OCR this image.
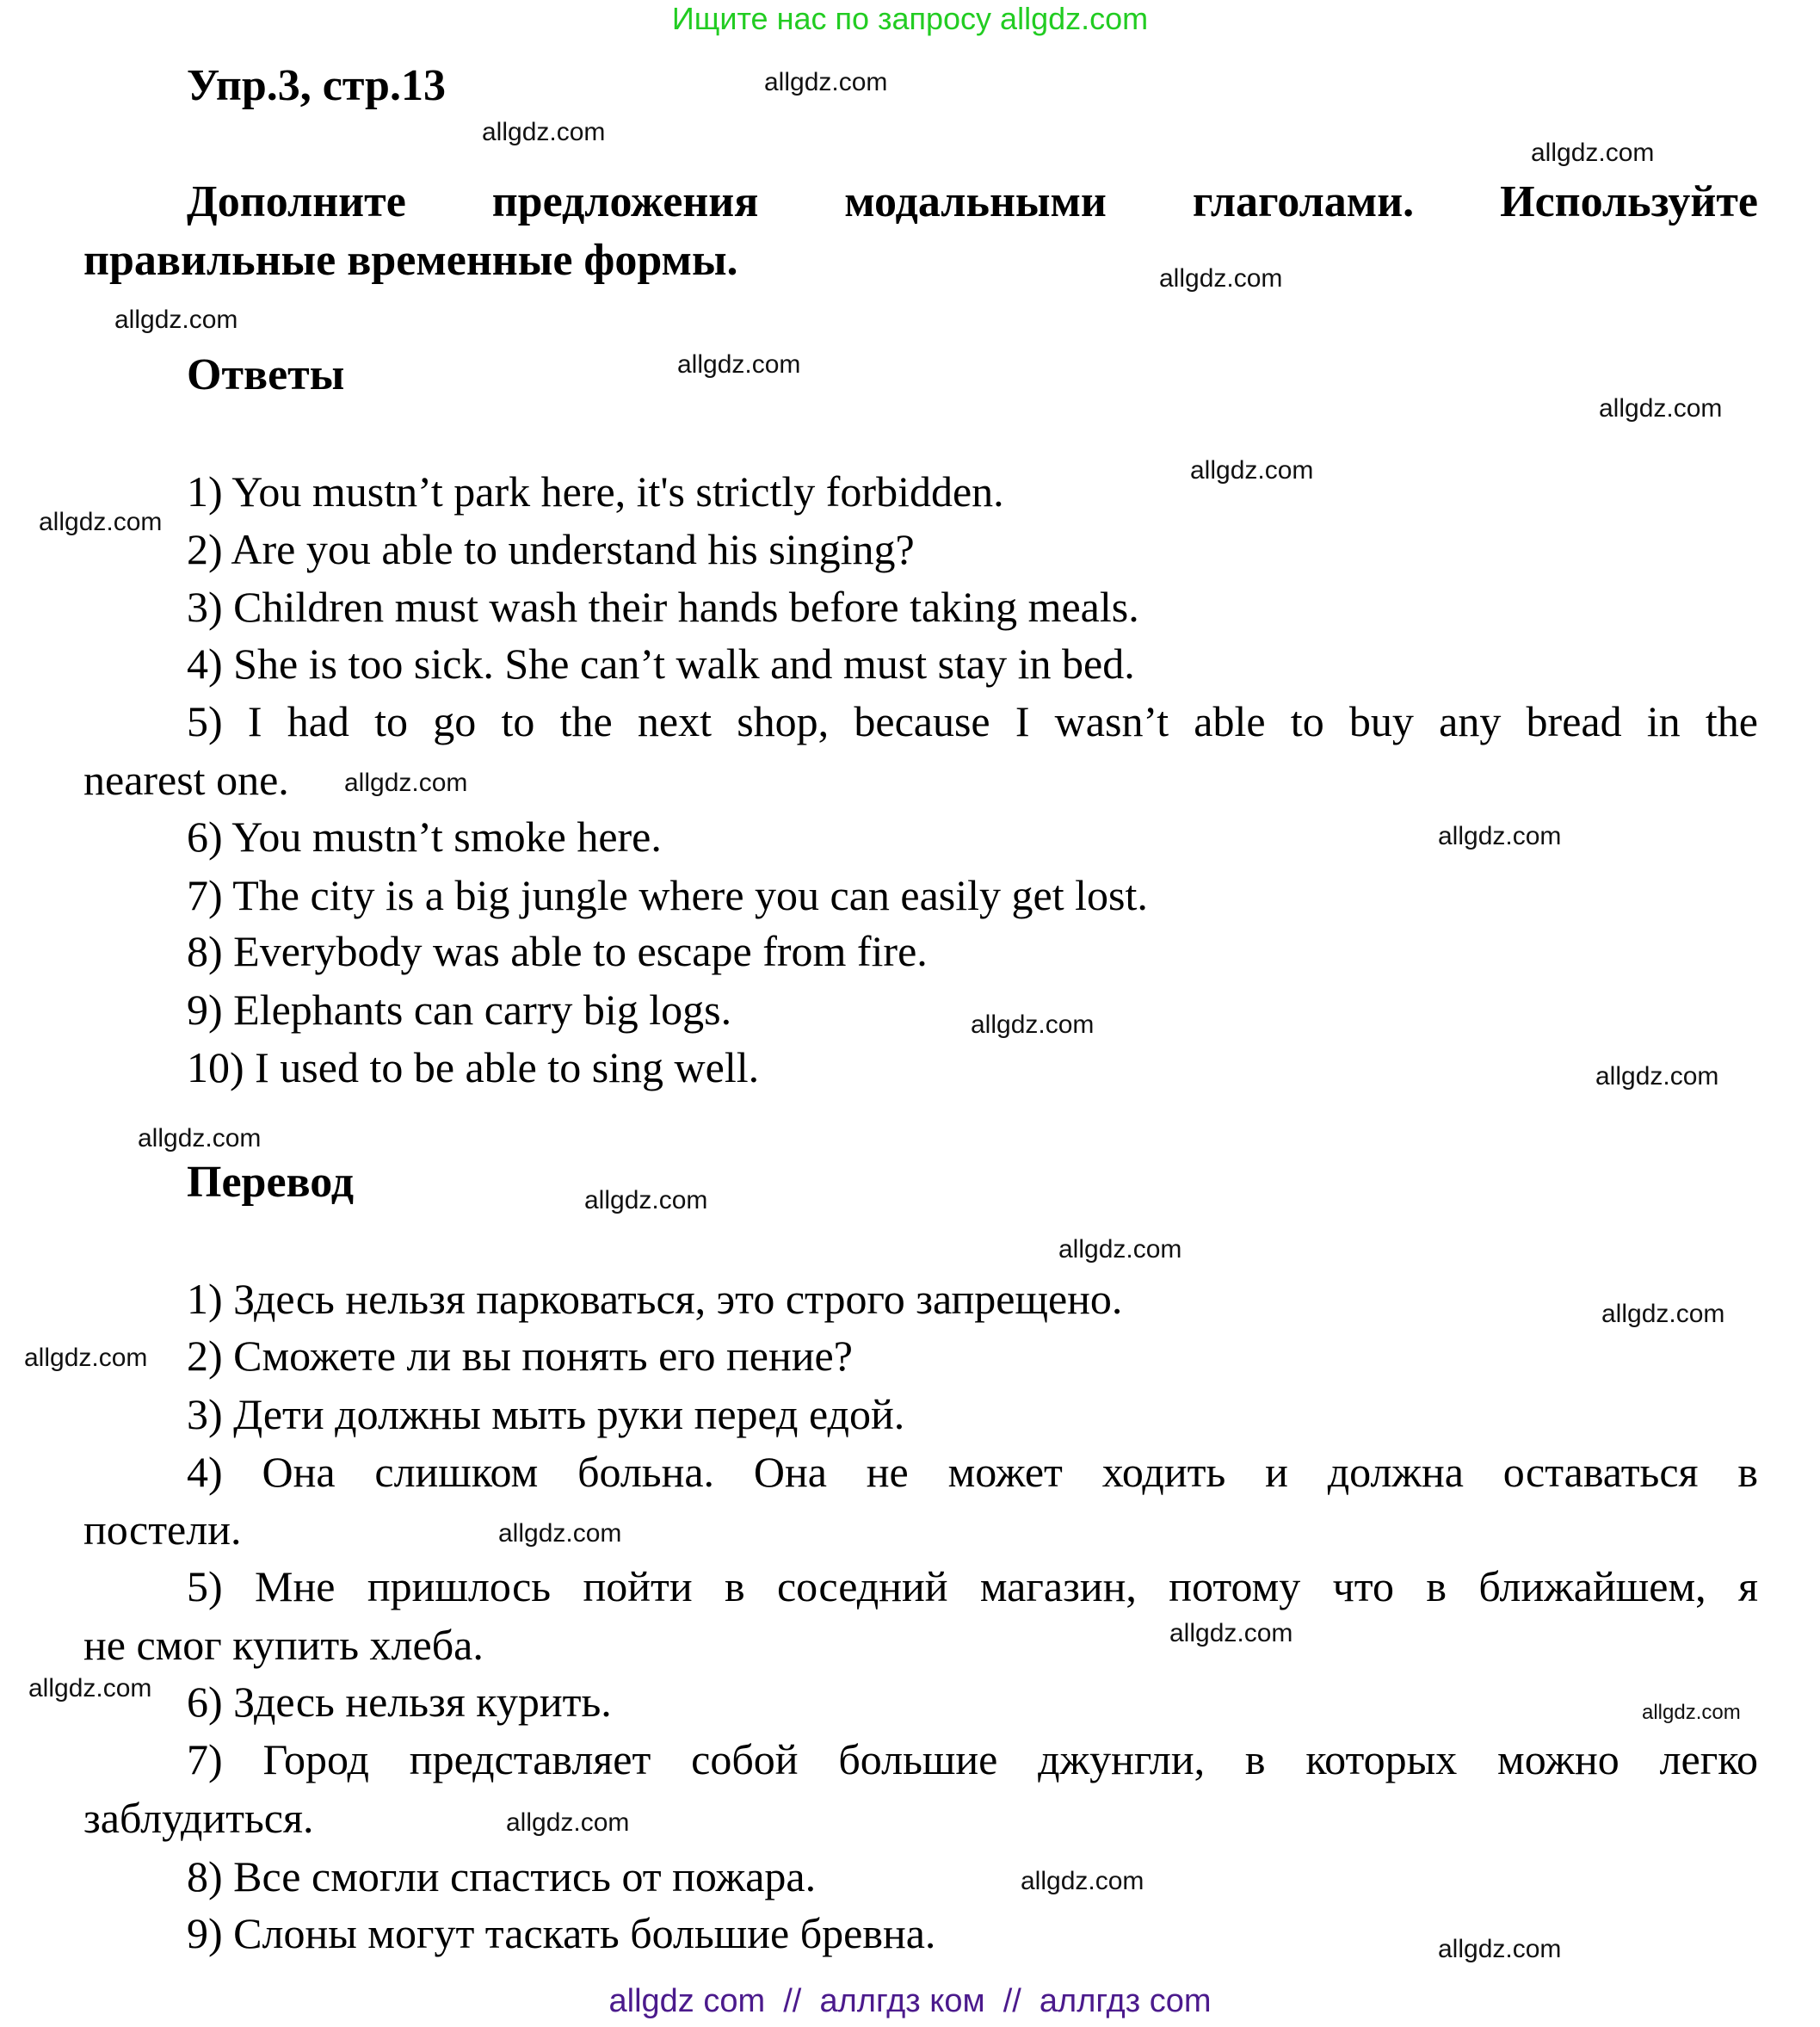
Ищите нас по запросу allgdz.com
Упр.3, стр.13
Дополните предложения модальными глаголами. Используйте
правильные временные формы.
Ответы
1) You mustn’t park here, it's strictly forbidden.
2) Are you able to understand his singing?
3) Children must wash their hands before taking meals.
4) She is too sick. She can’t walk and must stay in bed.
5) I had to go to the next shop, because I wasn’t able to buy any bread in the
nearest one.
6) You mustn’t smoke here.
7) The city is a big jungle where you can easily get lost.
8) Everybody was able to escape from fire.
9) Elephants can carry big logs.
10) I used to be able to sing well.
Перевод
1) Здесь нельзя парковаться, это строго запрещено.
2) Сможете ли вы понять его пение?
3) Дети должны мыть руки перед едой.
4) Она слишком больна. Она не может ходить и должна оставаться в
постели.
5) Мне пришлось пойти в соседний магазин, потому что в ближайшем, я
не смог купить хлеба.
6) Здесь нельзя курить.
7) Город представляет собой большие джунгли, в которых можно легко
заблудиться.
8) Все смогли спастись от пожара.
9) Слоны могут таскать большие бревна.
allgdz.com
allgdz.com
allgdz.com
allgdz.com
allgdz.com
allgdz.com
allgdz.com
allgdz.com
allgdz.com
allgdz.com
allgdz.com
allgdz.com
allgdz.com
allgdz.com
allgdz.com
allgdz.com
allgdz.com
allgdz.com
allgdz.com
allgdz.com
allgdz.com
allgdz.com
allgdz.com
allgdz.com
allgdz.com
allgdz com  //  аллгдз ком  //  аллгдз com
